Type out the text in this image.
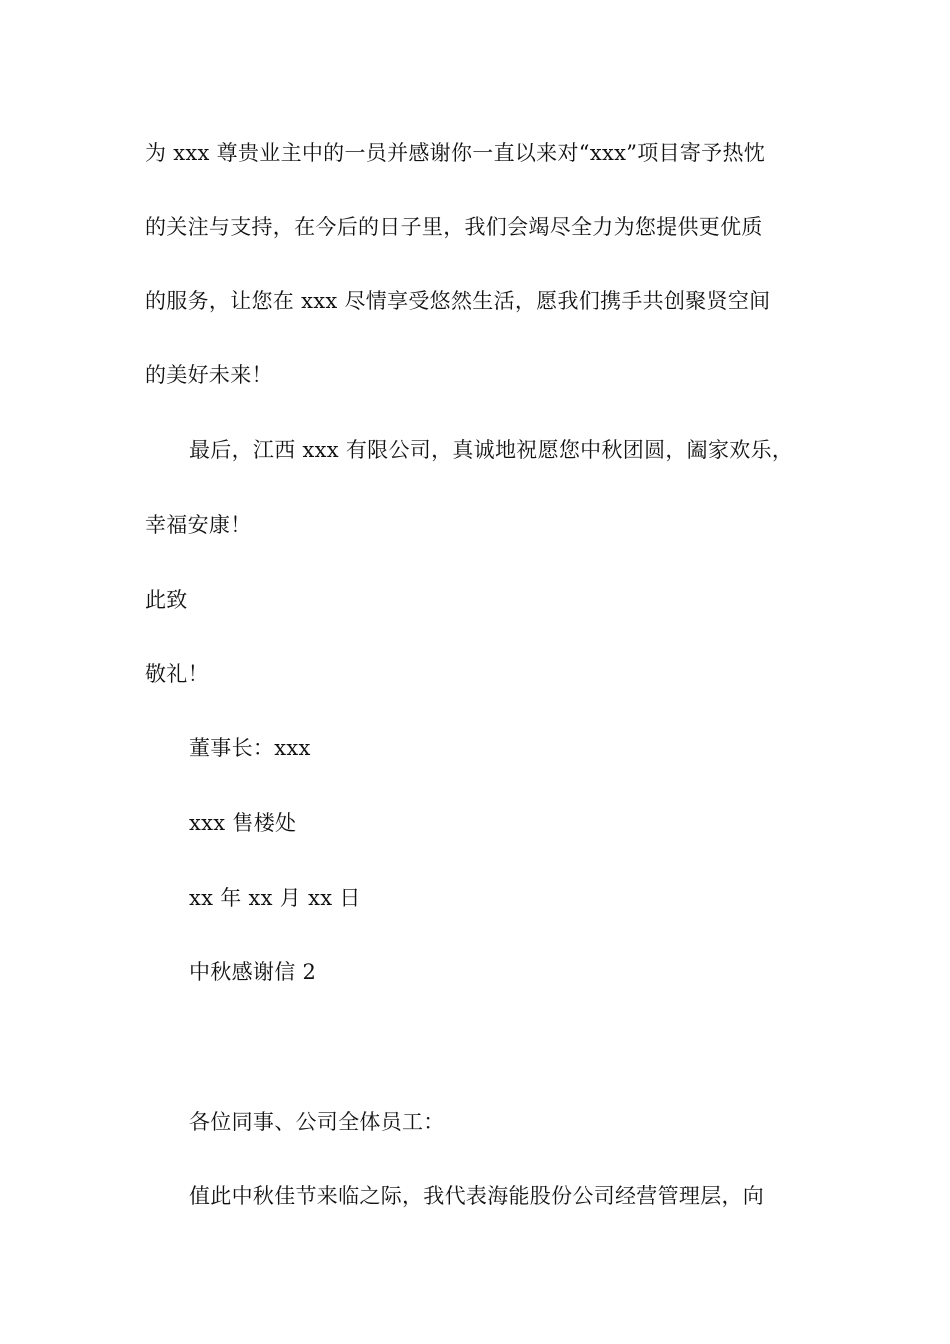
为 xxx 尊贵业主中的一员并感谢你一直以来对“xxx”项目寄予热忱
的关注与支持，在今后的日子里，我们会竭尽全力为您提供更优质
的服务，让您在 xxx 尽情享受悠然生活，愿我们携手共创聚贤空间
的美好未来！
最后，江西 xxx 有限公司，真诚地祝愿您中秋团圆，阖家欢乐，
幸福安康！
此致
敬礼！
董事长：xxx
xxx 售楼处
xx 年 xx 月 xx 日
中秋感谢信 2
各位同事、公司全体员工：
值此中秋佳节来临之际，我代表海能股份公司经营管理层，向
